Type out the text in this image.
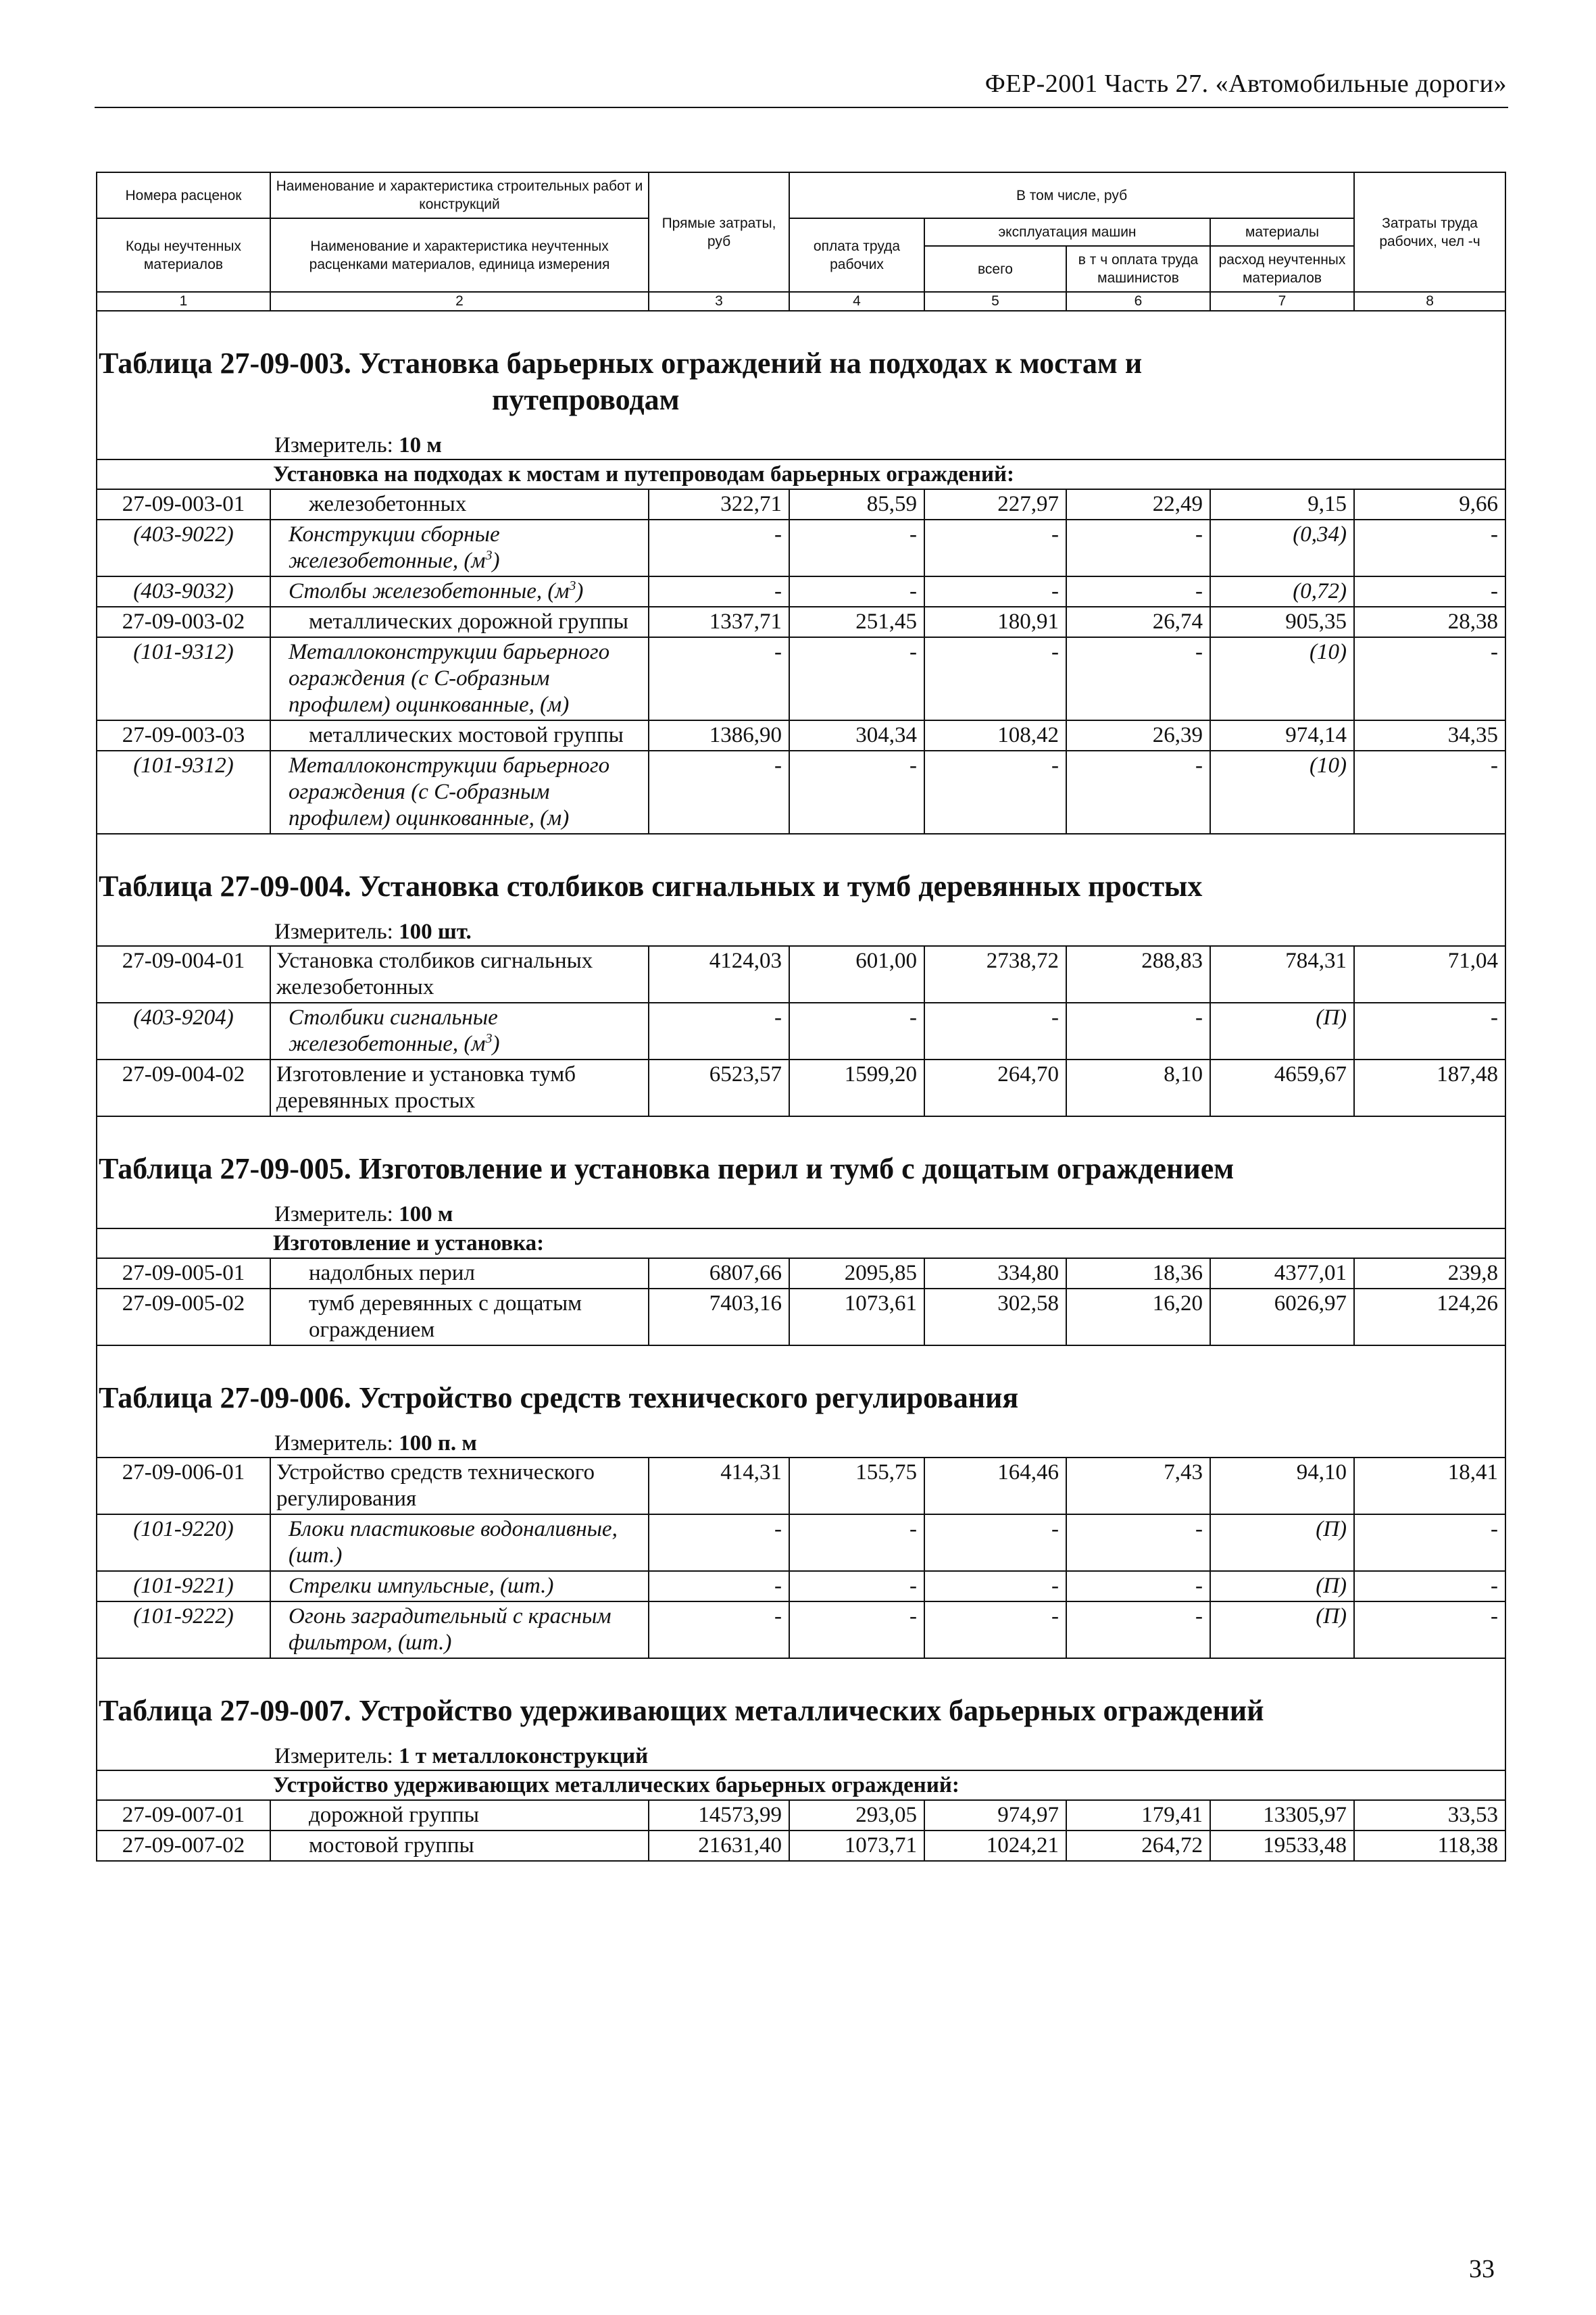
ФЕР-2001 Часть 27. «Автомобильные дороги»
Номера расценок	Наименование и характеристика строительных работ и конструкций	Прямые затраты, руб	В том числе, руб				Затраты труда рабочих, чел -ч
Коды неучтенных материалов	Наименование и характеристика неучтенных расценками материалов, единица измерения		оплата труда рабочих	эксплуатация машин		материалы	
				всего	в т ч оплата труда машинистов	расход неучтенных материалов	
1	2	3	4	5	6	7	8

Таблица 27-09-003. Установка барьерных ограждений на подходах к мостам и
путепроводам
Измеритель: 10 м							

Установка на подходах к мостам и путепроводам барьерных ограждений:							
27-09-003-01	железобетонных	322,71	85,59	227,97	22,49	9,15	9,66
(403-9022)	Конструкции сборные железобетонные, $(м^3)$	-	-	-	-	(0,34)	-
(403-9032)	Столбы железобетонные, $(м^3)$	-	-	-	-	(0,72)	-
27-09-003-02	металлических дорожной группы	1337,71	251,45	180,91	26,74	905,35	28,38
(101-9312)	Металлоконструкции барьерного ограждения (с С-образным профилем) оцинкованные, (м)	-	-	-	-	(10)	-
27-09-003-03	металлических мостовой группы	1386,90	304,34	108,42	26,39	974,14	34,35
(101-9312)	Металлоконструкции барьерного ограждения (с С-образным профилем) оцинкованные, (м)	-	-	-	-	(10)	-

Таблица 27-09-004. Установка столбиков сигнальных и тумб деревянных простых
Измеритель: 100 шт.							

27-09-004-01	Установка столбиков сигнальных железобетонных	4124,03	601,00	2738,72	288,83	784,31	71,04
(403-9204)	Столбики сигнальные железобетонные, $(м^3)$	-	-	-	-	(П)	-
27-09-004-02	Изготовление и установка тумб деревянных простых	6523,57	1599,20	264,70	8,10	4659,67	187,48

Таблица 27-09-005. Изготовление и установка перил и тумб с дощатым ограждением
Измеритель: 100 м							

Изготовление и установка:							
27-09-005-01	надолбных перил	6807,66	2095,85	334,80	18,36	4377,01	239,8
27-09-005-02	тумб деревянных с дощатым ограждением	7403,16	1073,61	302,58	16,20	6026,97	124,26

Таблица 27-09-006. Устройство средств технического регулирования
Измеритель: 100 п. м							

27-09-006-01	Устройство средств технического регулирования	414,31	155,75	164,46	7,43	94,10	18,41
(101-9220)	Блоки пластиковые водоналивные, (шт.)	-	-	-	-	(П)	-
(101-9221)	Стрелки импульсные, (шт.)	-	-	-	-	(П)	-
(101-9222)	Огонь заградительный с красным фильтром, (шт.)	-	-	-	-	(П)	-

Таблица 27-09-007. Устройство удерживающих металлических барьерных ограждений
Измеритель: 1 т металлоконструкций							

Устройство удерживающих металлических барьерных ограждений:							
27-09-007-01	дорожной группы	14573,99	293,05	974,97	179,41	13305,97	33,53
27-09-007-02	мостовой группы	21631,40	1073,71	1024,21	264,72	19533,48	118,38
33
